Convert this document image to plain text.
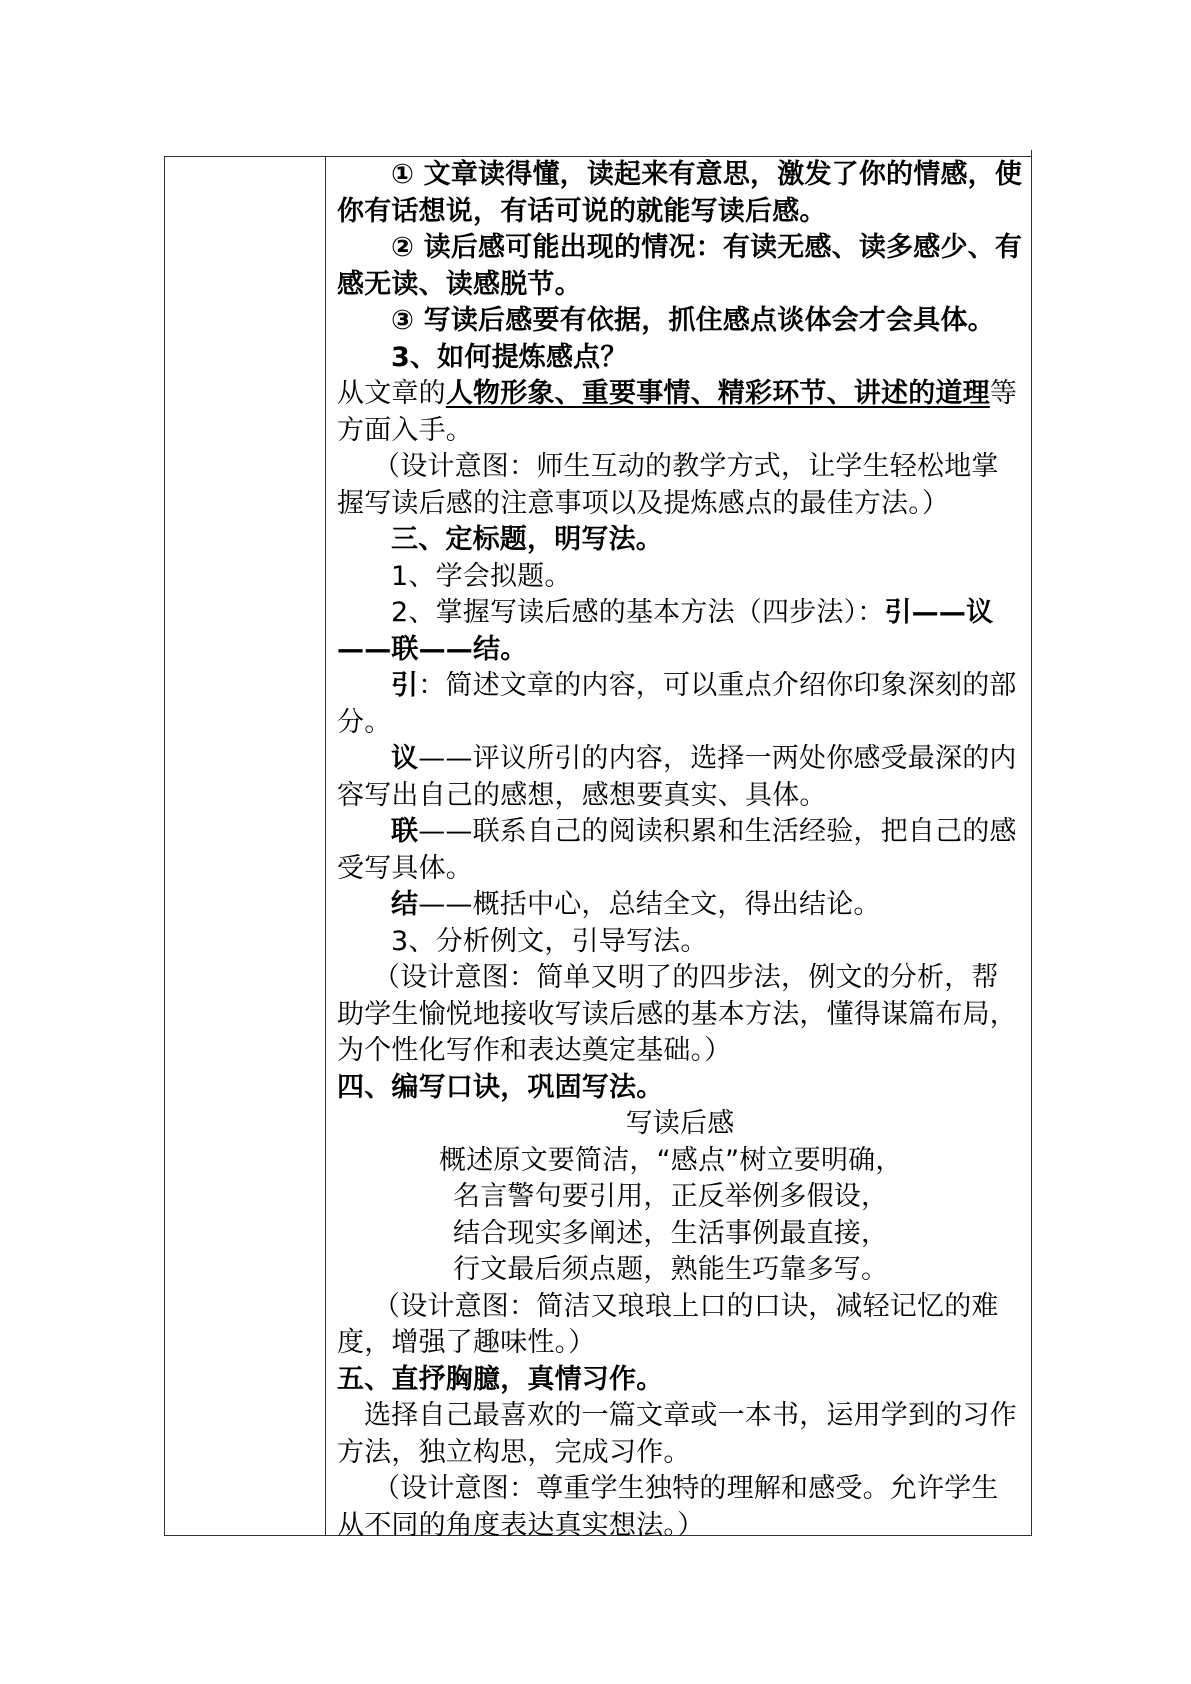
① 文章读得懂，读起来有意思，激发了你的情感，使你有话想说，有话可说的就能写读后感。

② 读后感可能出现的情况：有读无感、读多感少、有感无读、读感脱节。

③ 写读后感要有依据，抓住感点谈体会才会具体。

3、如何提炼感点？

从文章的人物形象、重要事情、精彩环节、讲述的道理等方面入手。

（设计意图：师生互动的教学方式，让学生轻松地掌握写读后感的注意事项以及提炼感点的最佳方法。）

三、定标题，明写法。

1、学会拟题。

2、掌握写读后感的基本方法（四步法）：引——议——联——结。

引：简述文章的内容，可以重点介绍你印象深刻的部分。

议——评议所引的内容，选择一两处你感受最深的内容写出自己的感想，感想要真实、具体。

联——联系自己的阅读积累和生活经验，把自己的感受写具体。

结——概括中心，总结全文，得出结论。

3、分析例文，引导写法。

（设计意图：简单又明了的四步法，例文的分析，帮助学生愉悦地接收写读后感的基本方法，懂得谋篇布局，为个性化写作和表达奠定基础。）

四、编写口诀，巩固写法。

写读后感

概述原文要简洁，“感点”树立要明确，

名言警句要引用，正反举例多假设，

结合现实多阐述，生活事例最直接，

行文最后须点题，熟能生巧靠多写。

（设计意图：简洁又琅琅上口的口诀，减轻记忆的难度，增强了趣味性。）

五、直抒胸臆，真情习作。

选择自己最喜欢的一篇文章或一本书，运用学到的习作方法，独立构思，完成习作。

（设计意图：尊重学生独特的理解和感受。允许学生从不同的角度表达真实想法。）
